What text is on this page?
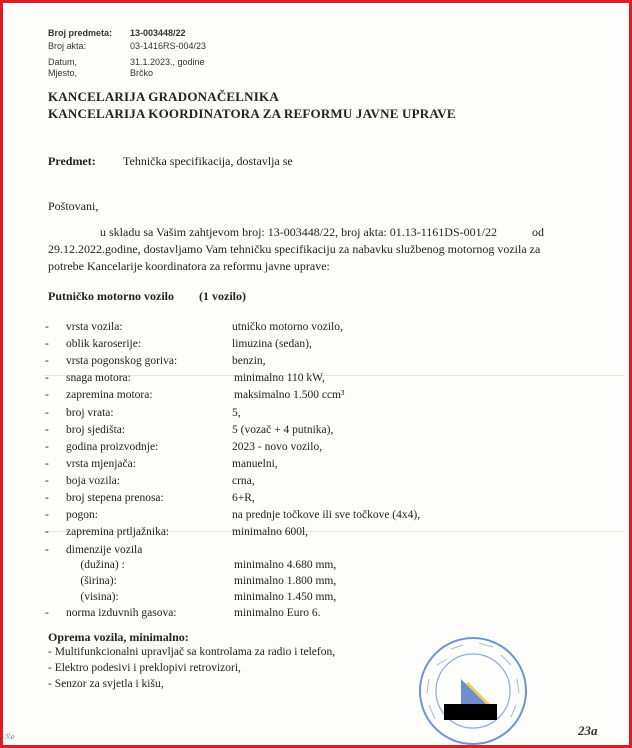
Broj predmeta: 13-003448/22
Broj akta:	03-1416RS-004/23
Datum,	31.1.2023., godine
Mjesto,	Brčko
KANCELARIJA GRADONAČELNIKA
KANCELARIJA KOORDINATORA ZA REFORMU JAVNE UPRAVE
Predmet: Tehnička specifikacija, dostavlja se
Poštovani,
u skladu sa Vašim zahtjevom broj: 13-003448/22, broj akta: 01.13-1161DS-001/22	od
29.12.2022.godine, dostavljamo Vam tehničku specifikaciju za nabavku službenog motornog vozila za
potrebe Kancelarije koordinatora za reformu javne uprave:
Putničko motorno vozilo (1 vozilo)
- vrsta vozila:	utničko motorno vozilo,
- oblik karoserije:	limuzina (sedan),
- vrsta pogonskog goriva:	benzin,
- snaga motora:	minimalno 110 kW,
- zapremina motora:	maksimalno 1.500 ccm³
- broj vrata:	5,
- broj sjedišta:	5 (vozač + 4 putnika),
- godina proizvodnje:	2023 - novo vozilo,
- vrsta mjenjača:	manuelni,
- boja vozila:	crna,
- broj stepena prenosa:	6+R,
- pogon:	na prednje točkove ili sve točkove (4x4),
- zapremina prtljažnika:	minimalno 600l,
- dimenzije vozila
(dužina) :	minimalno 4.680 mm,
(širina):	minimalno 1.800 mm,
(visina):	minimalno 1.450 mm,
- norma izduvnih gasova:	minimalno Euro 6.
Oprema vozila, minimalno:
- Multifunkcionalni upravljač sa kontrolama za radio i telefon,
- Elektro podesivi i preklopivi retrovizori,
- Senzor za svjetla i kišu,
23a
ℛℯ
